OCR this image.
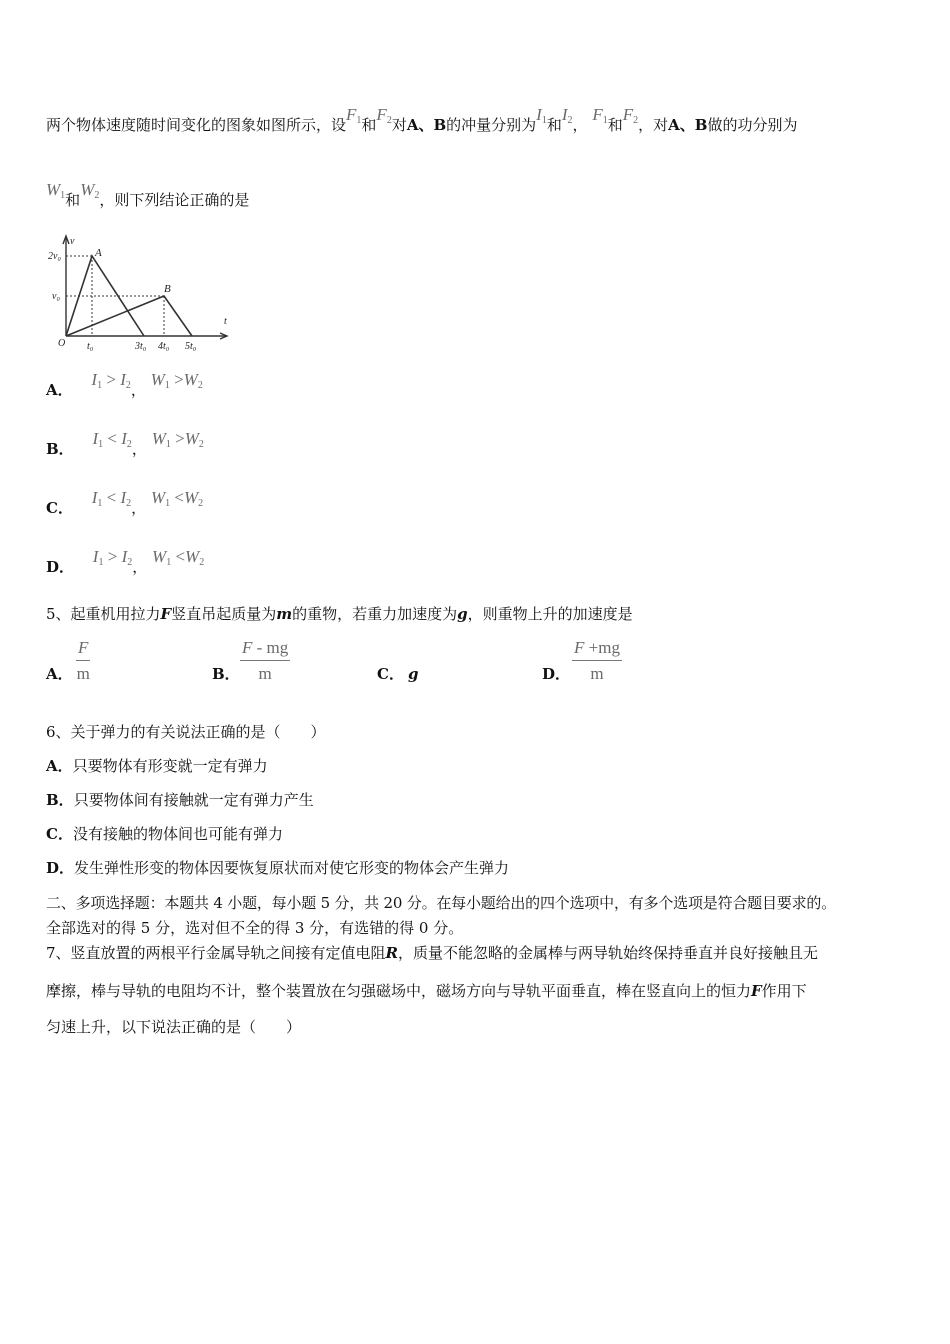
两个物体速度随时间变化的图象如图所示，设$F_1$和$F_2$对A、B的冲量分别为$I_1$和$I_2$， $F_1$和$F_2$，对A、B做的功分别为
$W_1$和$W_2$，则下列结论正确的是
v
t
O
2v₀
v₀
t₀	3t₀ 4t₀ 5t₀
A
B
A． $I_1 > I_2$， $W_1 >W_2$
B． $I_1 < I_2$， $W_1 >W_2$
C． $I_1 < I_2$， $W_1 <W_2$
D． $I_1 > I_2$， $W_1 <W_2$
5、起重机用拉力F竖直吊起质量为m的重物，若重力加速度为g，则重物上升的加速度是
A． $\frac{F}{m}$	B． $\frac{F - mg}{m}$	C． g	D． $\frac{F +mg}{m}$
6、关于弹力的有关说法正确的是（　　）
A．只要物体有形变就一定有弹力
B．只要物体间有接触就一定有弹力产生
C．没有接触的物体间也可能有弹力
D．发生弹性形变的物体因要恢复原状而对使它形变的物体会产生弹力
二、多项选择题：本题共 4 小题，每小题 5 分，共 20 分。在每小题给出的四个选项中，有多个选项是符合题目要求的。
全部选对的得 5 分，选对但不全的得 3 分，有选错的得 0 分。
7、竖直放置的两根平行金属导轨之间接有定值电阻R，质量不能忽略的金属棒与两导轨始终保持垂直并良好接触且无
摩擦，棒与导轨的电阻均不计，整个装置放在匀强磁场中，磁场方向与导轨平面垂直，棒在竖直向上的恒力F作用下
匀速上升，以下说法正确的是（　　）
